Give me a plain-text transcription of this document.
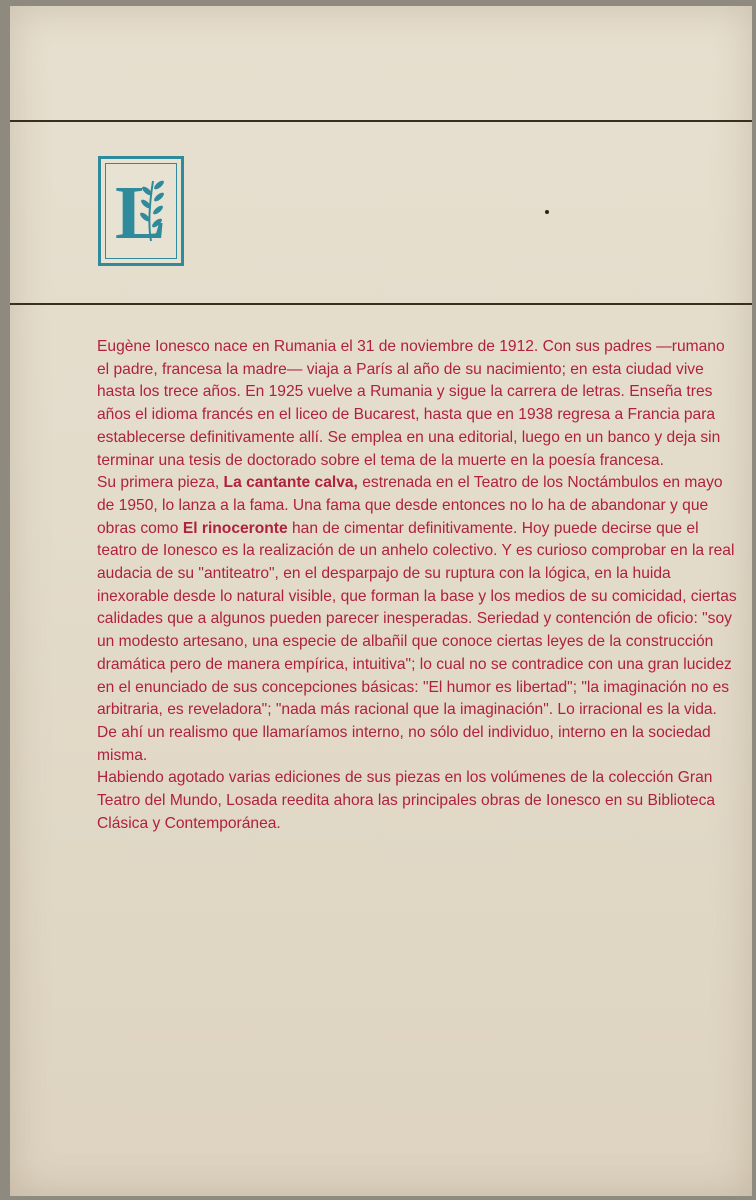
L

Eugène Ionesco nace en Rumania el 31 de noviembre de 1912. Con sus padres —rumano el padre, francesa la madre— viaja a París al año de su nacimiento; en esta ciudad vive hasta los trece años. En 1925 vuelve a Rumania y sigue la carrera de letras. Enseña tres años el idioma francés en el liceo de Bucarest, hasta que en 1938 regresa a Francia para establecerse definitivamente allí. Se emplea en una editorial, luego en un banco y deja sin terminar una tesis de doctorado sobre el tema de la muerte en la poesía francesa.

Su primera pieza, La cantante calva, estrenada en el Teatro de los Noctámbulos en mayo de 1950, lo lanza a la fama. Una fama que desde entonces no lo ha de abandonar y que obras como El rinoceronte han de cimentar definitivamente. Hoy puede decirse que el teatro de Ionesco es la realización de un anhelo colectivo. Y es curioso comprobar en la real audacia de su "antiteatro", en el desparpajo de su ruptura con la lógica, en la huida inexorable desde lo natural visible, que forman la base y los medios de su comicidad, ciertas calidades que a algunos pueden parecer inesperadas. Seriedad y contención de oficio: "soy un modesto artesano, una especie de albañil que conoce ciertas leyes de la construcción dramática pero de manera empírica, intuitiva"; lo cual no se contradice con una gran lucidez en el enunciado de sus concepciones básicas: "El humor es libertad"; "la imaginación no es arbitraria, es reveladora"; "nada más racional que la imaginación". Lo irracional es la vida. De ahí un realismo que llamaríamos interno, no sólo del individuo, interno en la sociedad misma.

Habiendo agotado varias ediciones de sus piezas en los volúmenes de la colección Gran Teatro del Mundo, Losada reedita ahora las principales obras de Ionesco en su Biblioteca Clásica y Contemporánea.
